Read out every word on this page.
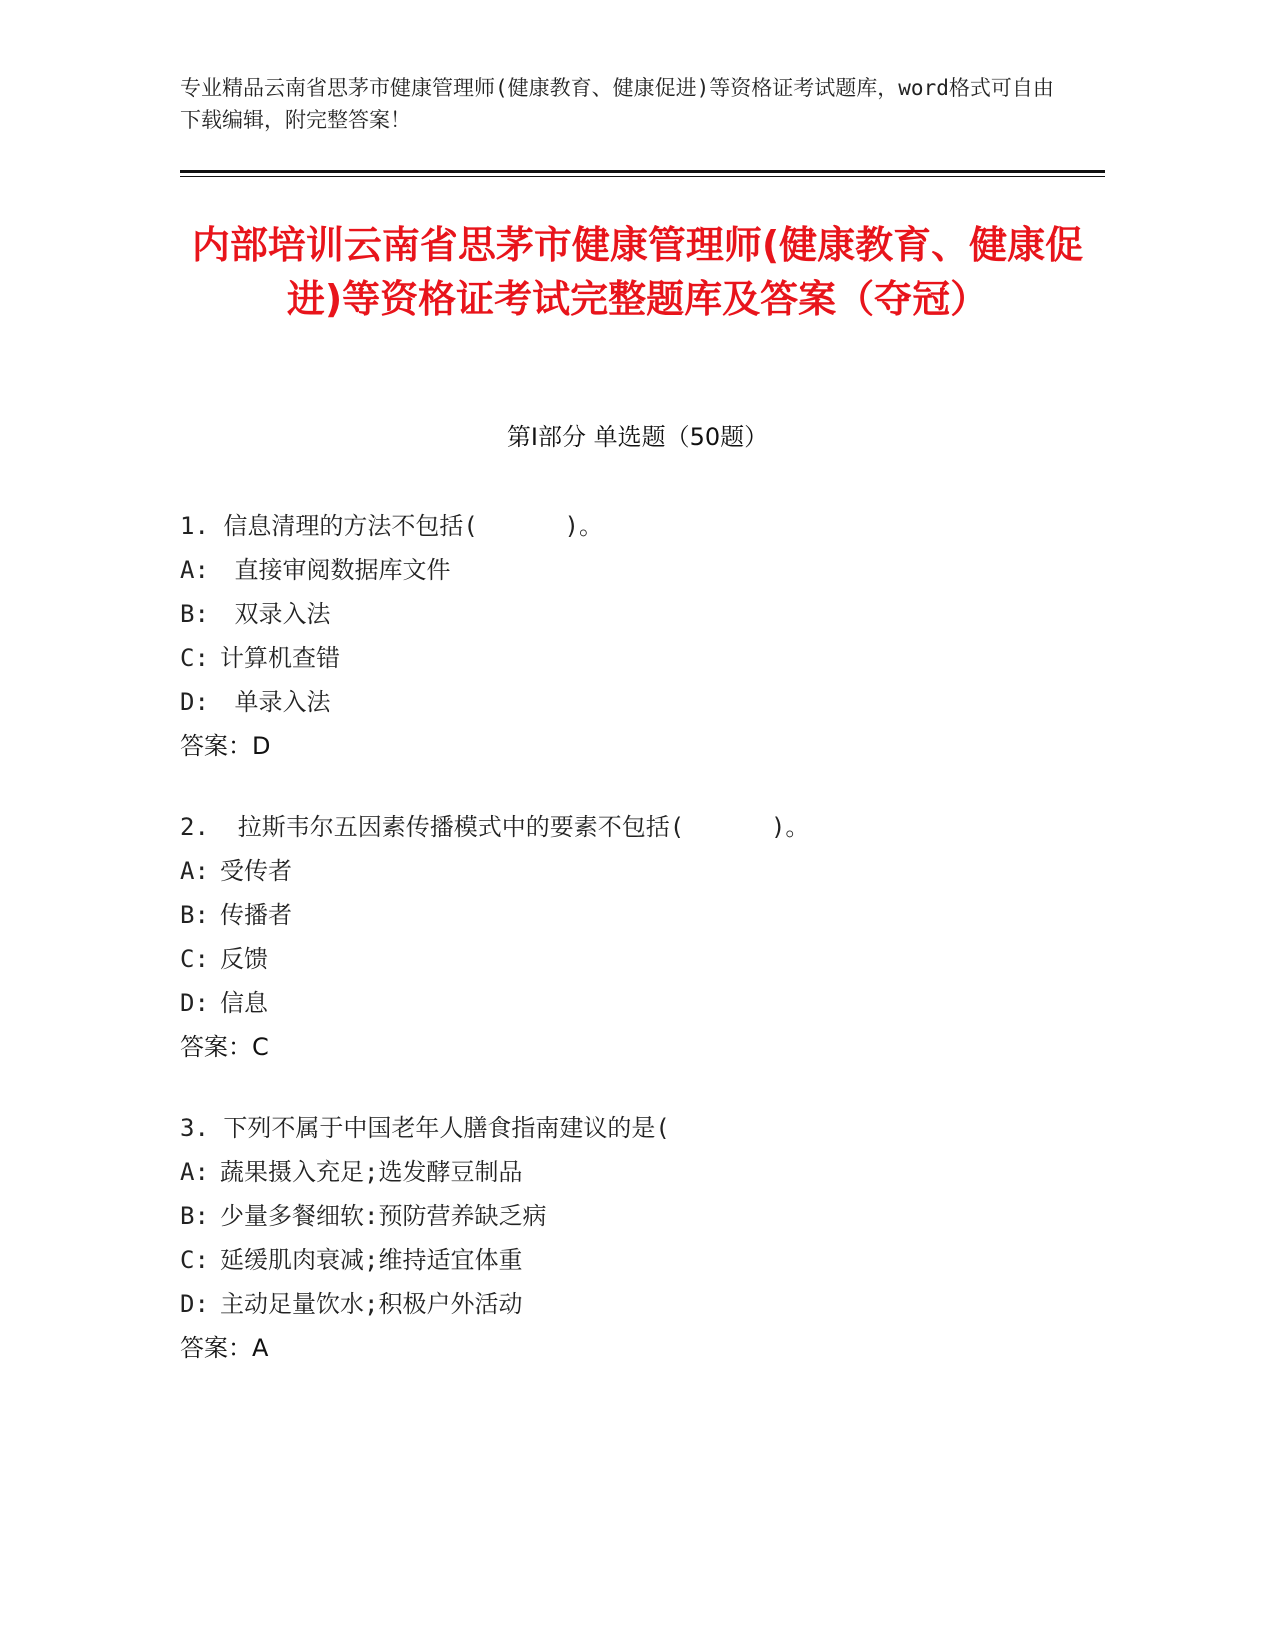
专业精品云南省思茅市健康管理师(健康教育、健康促进)等资格证考试题库，word格式可自由下载编辑，附完整答案！
内部培训云南省思茅市健康管理师(健康教育、健康促进)等资格证考试完整题库及答案（夺冠）
第Ⅰ部分 单选题（50题）
1. 信息清理的方法不包括(      )。
A: 直接审阅数据库文件
B: 双录入法
C: 计算机查错
D: 单录入法
答案：D
2.  拉斯韦尔五因素传播模式中的要素不包括(      )。
A: 受传者
B: 传播者
C: 反馈
D: 信息
答案：C
3. 下列不属于中国老年人膳食指南建议的是(
A: 蔬果摄入充足;选发酵豆制品
B: 少量多餐细软:预防营养缺乏病
C: 延缓肌肉衰减;维持适宜体重
D: 主动足量饮水;积极户外活动
答案：A
